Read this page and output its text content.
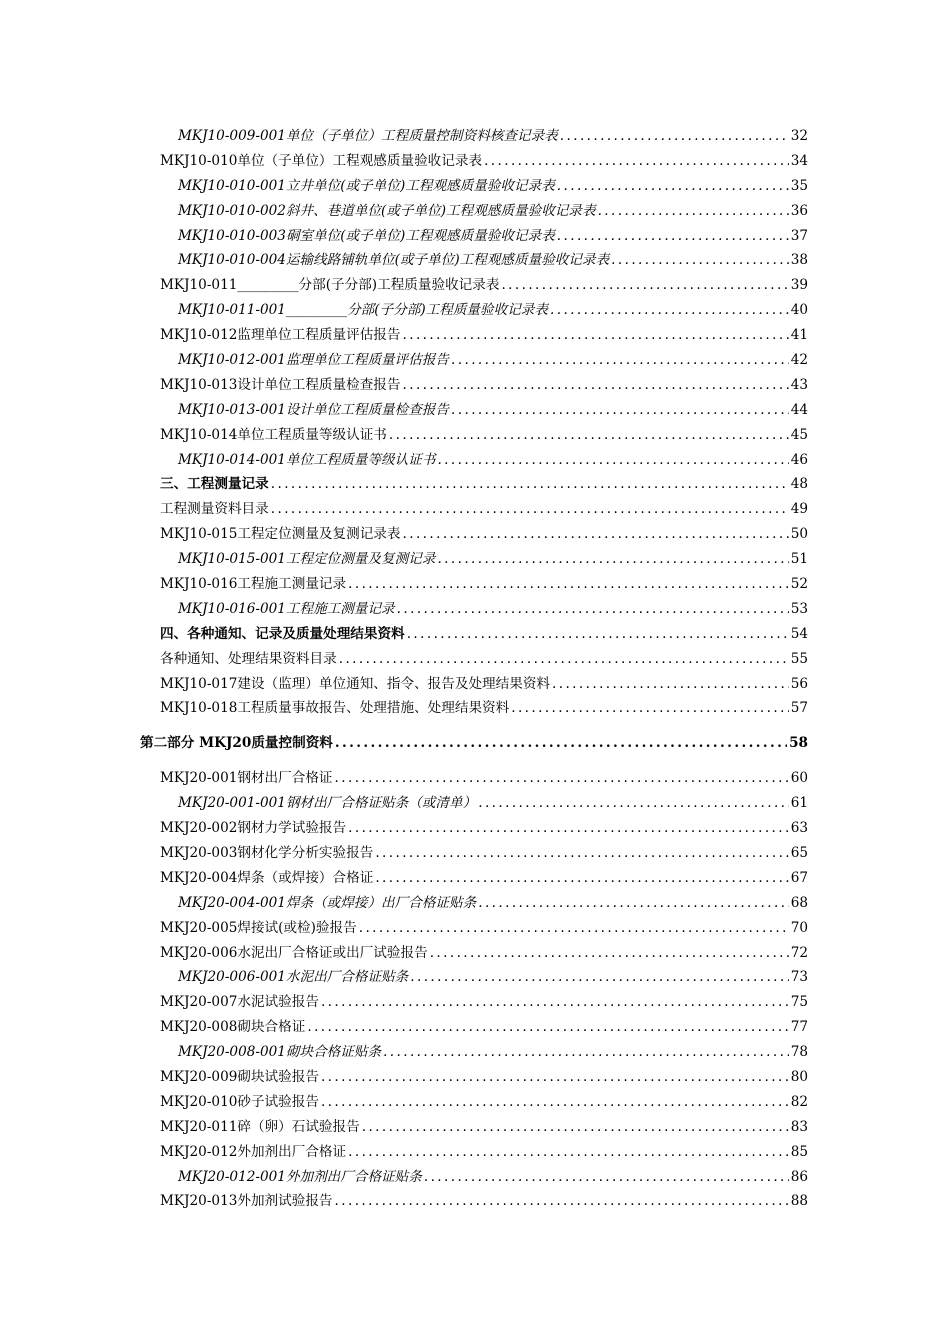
MKJ10-009-001单位（子单位）工程质量控制资料核查记录表 .....	32
MKJ10-010单位（子单位）工程观感质量验收记录表 .....	34
MKJ10-010-001立井单位(或子单位)工程观感质量验收记录表 .....	35
MKJ10-010-002斜井、巷道单位(或子单位)工程观感质量验收记录表 .....	36
MKJ10-010-003硐室单位(或子单位)工程观感质量验收记录表 .....	37
MKJ10-010-004运输线路铺轨单位(或子单位)工程观感质量验收记录表 .....	38
MKJ10-011_________分部(子分部)工程质量验收记录表 .....	39
MKJ10-011-001_________分部(子分部)工程质量验收记录表 .....	40
MKJ10-012监理单位工程质量评估报告 .....	41
MKJ10-012-001监理单位工程质量评估报告 .....	42
MKJ10-013设计单位工程质量检查报告 .....	43
MKJ10-013-001设计单位工程质量检查报告 .....	44
MKJ10-014单位工程质量等级认证书 .....	45
MKJ10-014-001单位工程质量等级认证书 .....	46
三、工程测量记录 .....	48
工程测量资料目录 .....	49
MKJ10-015工程定位测量及复测记录表 .....	50
MKJ10-015-001工程定位测量及复测记录 .....	51
MKJ10-016工程施工测量记录 .....	52
MKJ10-016-001工程施工测量记录 .....	53
四、各种通知、记录及质量处理结果资料 .....	54
各种通知、处理结果资料目录 .....	55
MKJ10-017建设（监理）单位通知、指令、报告及处理结果资料 .....	56
MKJ10-018工程质量事故报告、处理措施、处理结果资料 .....	57
第二部分 MKJ20质量控制资料 .....	58
MKJ20-001钢材出厂合格证 .....	60
MKJ20-001-001钢材出厂合格证贴条（或清单） .....	61
MKJ20-002钢材力学试验报告 .....	63
MKJ20-003钢材化学分析实验报告 .....	65
MKJ20-004焊条（或焊接）合格证 .....	67
MKJ20-004-001焊条（或焊接）出厂合格证贴条 .....	68
MKJ20-005焊接试(或检)验报告 .....	70
MKJ20-006水泥出厂合格证或出厂试验报告 .....	72
MKJ20-006-001水泥出厂合格证贴条 .....	73
MKJ20-007水泥试验报告 .....	75
MKJ20-008砌块合格证 .....	77
MKJ20-008-001砌块合格证贴条 .....	78
MKJ20-009砌块试验报告 .....	80
MKJ20-010砂子试验报告 .....	82
MKJ20-011碎（卵）石试验报告 .....	83
MKJ20-012外加剂出厂合格证 .....	85
MKJ20-012-001外加剂出厂合格证贴条 .....	86
MKJ20-013外加剂试验报告 .....	88
